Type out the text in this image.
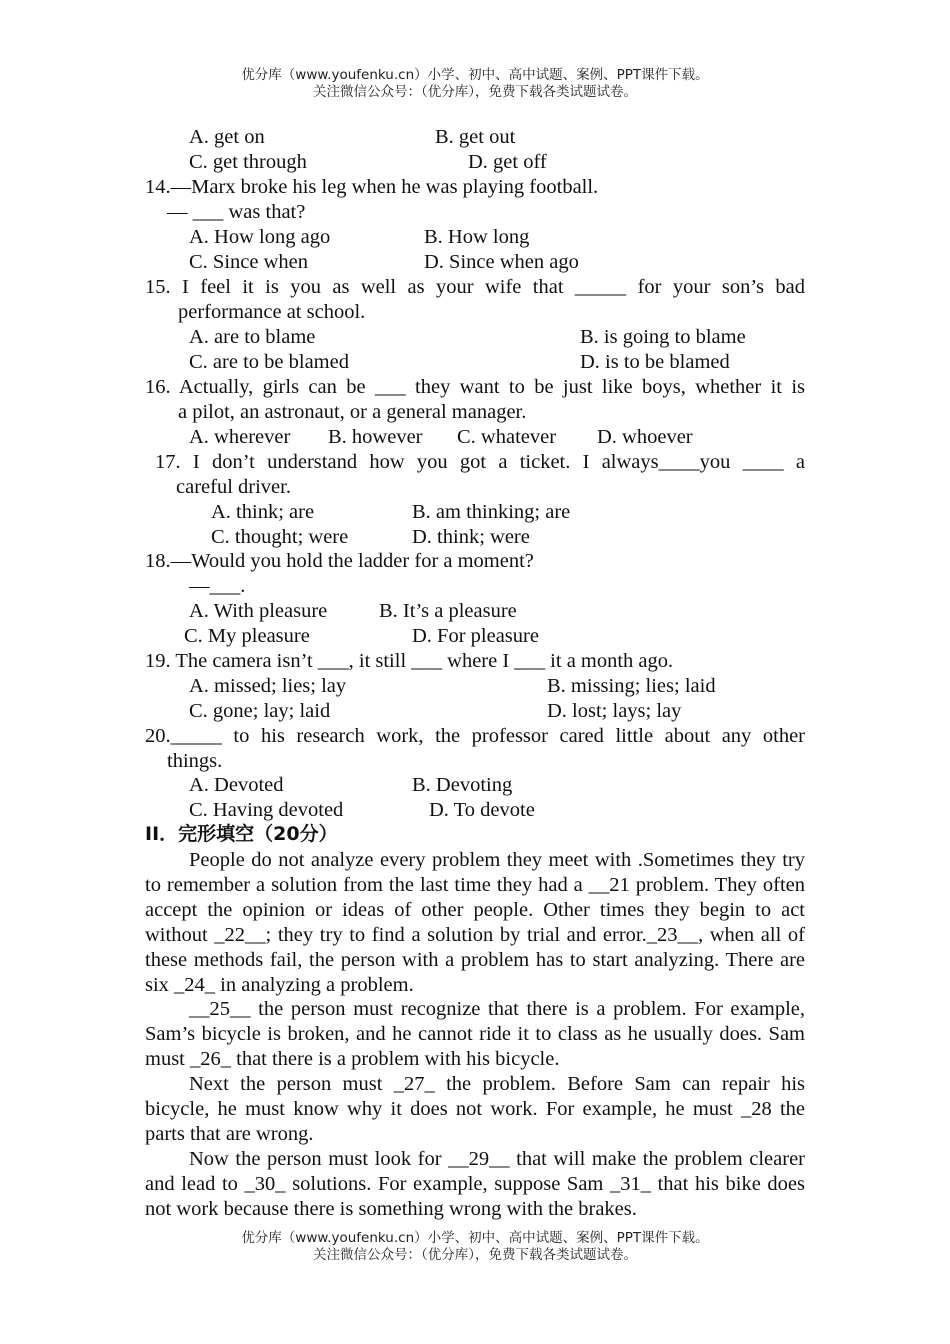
优分库（www.youfenku.cn）小学、初中、高中试题、案例、PPT课件下载。
关注微信公众号：（优分库），免费下载各类试题试卷。
A. get on	B. get out
C. get through	D. get off
14.—Marx broke his leg when he was playing football.
— ___ was that?
A. How long ago	B. How long
C. Since when	D. Since when ago
15. I feel it is you as well as your wife that _____ for your son’s bad
performance at school.
A. are to blame	B. is going to blame
C. are to be blamed	D. is to be blamed
16. Actually, girls can be ___ they want to be just like boys, whether it is
a pilot, an astronaut, or a general manager.
A. wherever B. however C. whatever D. whoever
17. I don’t understand how you got a ticket. I always____you ____ a
careful driver.
A. think; are	B. am thinking; are
C. thought; were	D. think; were
18.—Would you hold the ladder for a moment?
—___.
A. With pleasure	B. It’s a pleasure
C. My pleasure	D. For pleasure
19. The camera isn’t ___, it still ___ where I ___ it a month ago.
A. missed; lies; lay	B. missing; lies; laid
C. gone; lay; laid	D. lost; lays; lay
20._____ to his research work, the professor cared little about any other
things.
A. Devoted	B. Devoting
C. Having devoted	D. To devote
II．完形填空（20分）
People do not analyze every problem they meet with .Sometimes they try to remember a solution from the last time they had a __21 problem. They often accept the opinion or ideas of other people. Other times they begin to act without _22__; they try to find a solution by trial and error._23__, when all of these methods fail, the person with a problem has to start analyzing. There are six _24_ in analyzing a problem.
__25__ the person must recognize that there is a problem. For example, Sam’s bicycle is broken, and he cannot ride it to class as he usually does. Sam must _26_ that there is a problem with his bicycle.
Next the person must _27_ the problem. Before Sam can repair his bicycle, he must know why it does not work. For example, he must _28 the parts that are wrong.
Now the person must look for __29__ that will make the problem clearer and lead to _30_ solutions. For example, suppose Sam _31_ that his bike does not work because there is something wrong with the brakes.
优分库（www.youfenku.cn）小学、初中、高中试题、案例、PPT课件下载。
关注微信公众号：（优分库），免费下载各类试题试卷。
